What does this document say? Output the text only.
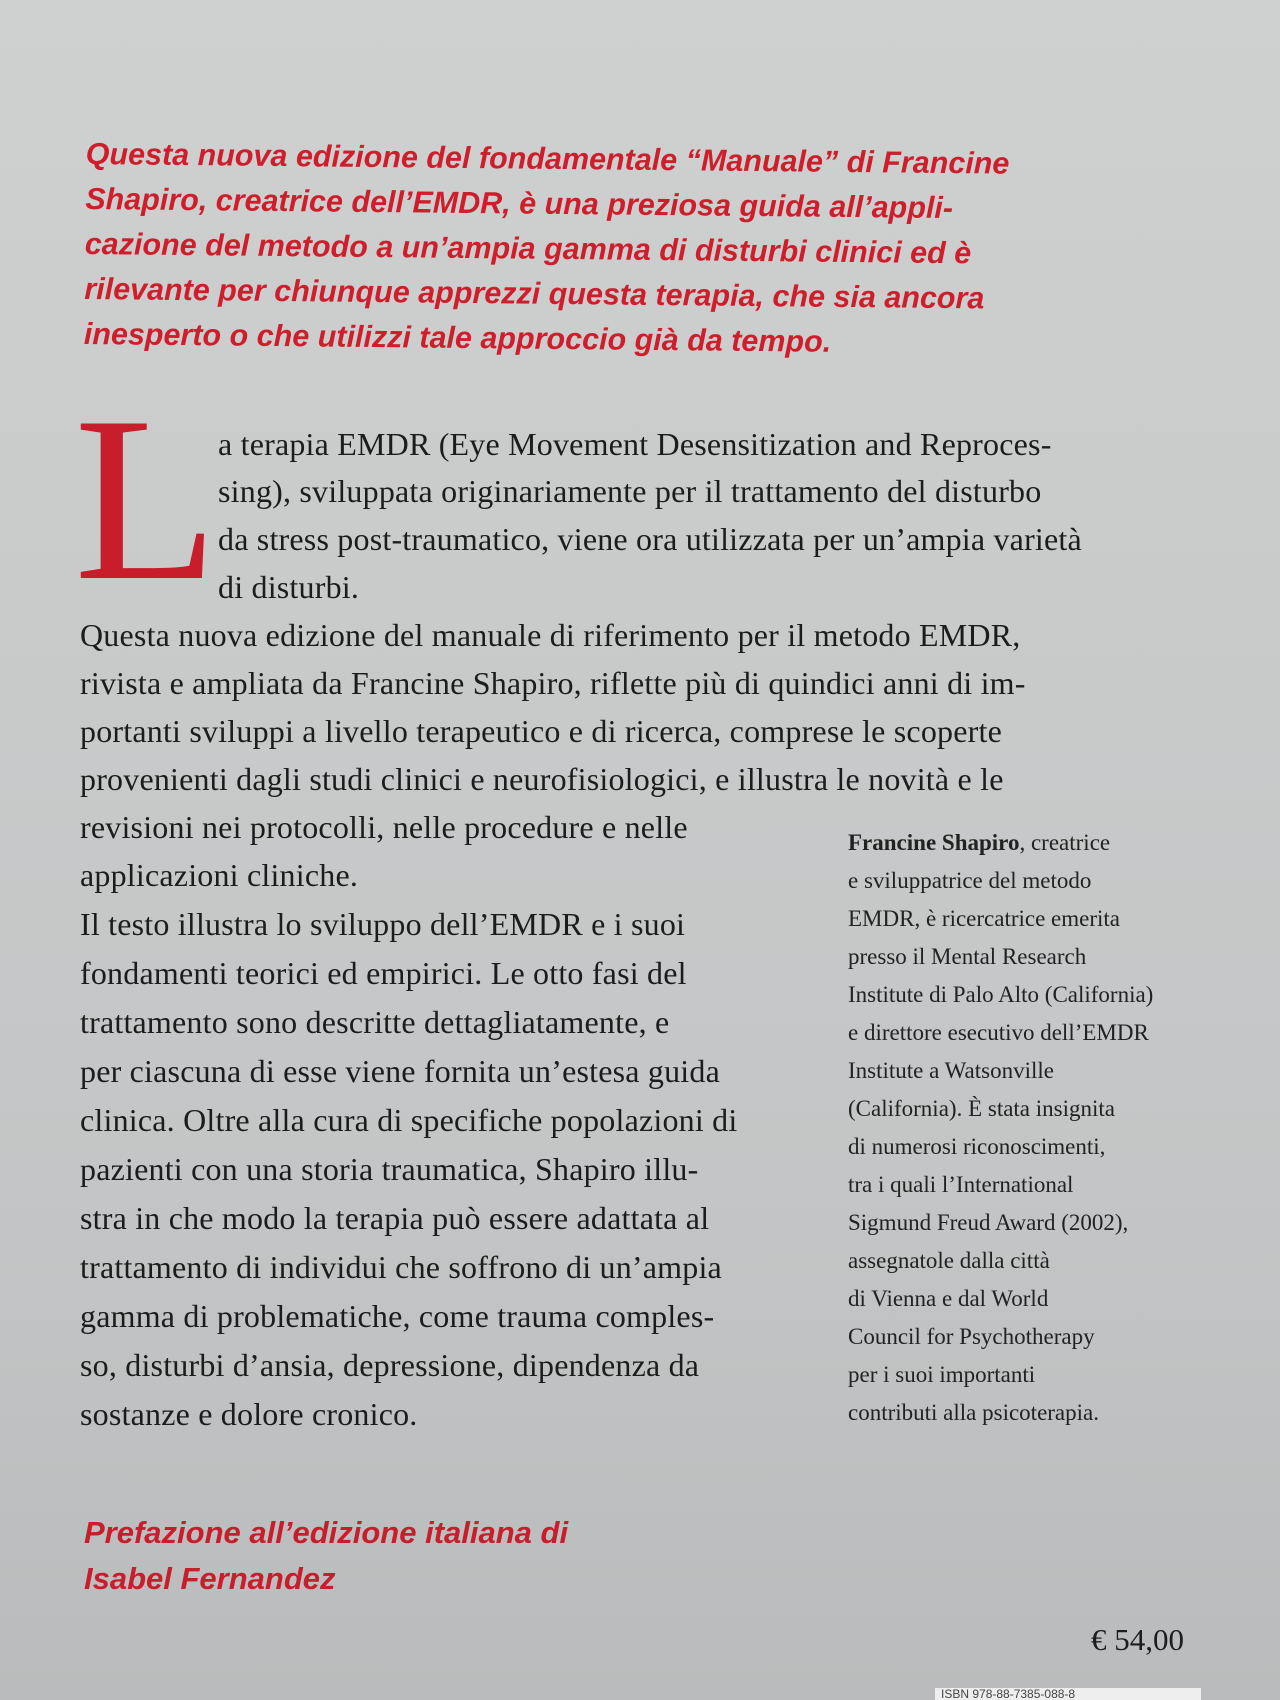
Questa nuova edizione del fondamentale “Manuale” di Francine
Shapiro, creatrice dell’EMDR, è una preziosa guida all’appli-
cazione del metodo a un’ampia gamma di disturbi clinici ed è
rilevante per chiunque apprezzi questa terapia, che sia ancora
inesperto o che utilizzi tale approccio già da tempo.
L a terapia EMDR (Eye Movement Desensitization and Reproces-
sing), sviluppata originariamente per il trattamento del disturbo
da stress post-traumatico, viene ora utilizzata per un’ampia varietà
di disturbi.
Questa nuova edizione del manuale di riferimento per il metodo EMDR,
rivista e ampliata da Francine Shapiro, riflette più di quindici anni di im-
portanti sviluppi a livello terapeutico e di ricerca, comprese le scoperte
provenienti dagli studi clinici e neurofisiologici, e illustra le novità e le
revisioni nei protocolli, nelle procedure e nelle
applicazioni cliniche.
Il testo illustra lo sviluppo dell’EMDR e i suoi
fondamenti teorici ed empirici. Le otto fasi del
trattamento sono descritte dettagliatamente, e
per ciascuna di esse viene fornita un’estesa guida
clinica. Oltre alla cura di specifiche popolazioni di
pazienti con una storia traumatica, Shapiro illu-
stra in che modo la terapia può essere adattata al
trattamento di individui che soffrono di un’ampia
gamma di problematiche, come trauma comples-
so, disturbi d’ansia, depressione, dipendenza da
sostanze e dolore cronico.
Francine Shapiro, creatrice
e sviluppatrice del metodo
EMDR, è ricercatrice emerita
presso il Mental Research
Institute di Palo Alto (California)
e direttore esecutivo dell’EMDR
Institute a Watsonville
(California). È stata insignita
di numerosi riconoscimenti,
tra i quali l’International
Sigmund Freud Award (2002),
assegnatole dalla città
di Vienna e dal World
Council for Psychotherapy
per i suoi importanti
contributi alla psicoterapia.
Prefazione all’edizione italiana di
Isabel Fernandez
€ 54,00
ISBN 978-88-7385-088-8
